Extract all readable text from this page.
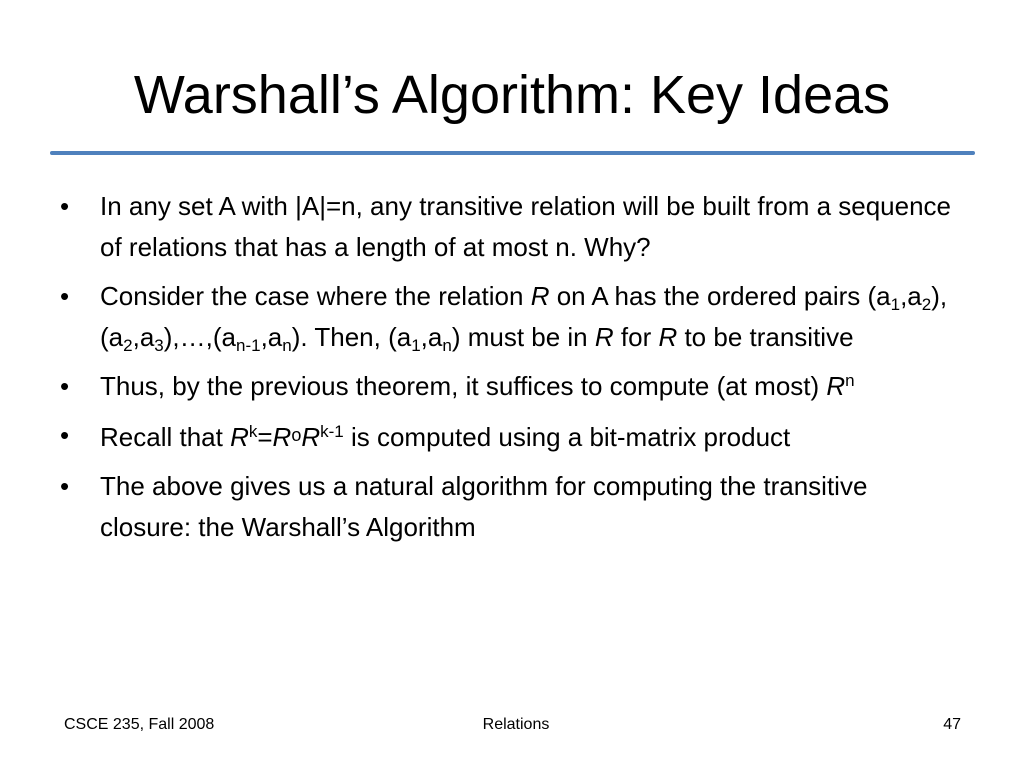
Warshall’s Algorithm: Key Ideas
•	In any set A with |A|=n, any transitive relation will be built from a sequence of relations that has a length of at most n. Why?
•	Consider the case where the relation R on A has the ordered pairs $(a_1,a_2),(a_2,a_3),\dots,(a_{n-1},a_n)$. Then, $(a_1,a_n)$ must be in R for R to be transitive
•	Thus, by the previous theorem, it suffices to compute (at most) $R^n$
•	Recall that $R^k=RoR^{k-1}$ is computed using a bit-matrix product
•	The above gives us a natural algorithm for computing the transitive closure: the Warshall’s Algorithm
CSCE 235, Fall 2008	Relations	47
